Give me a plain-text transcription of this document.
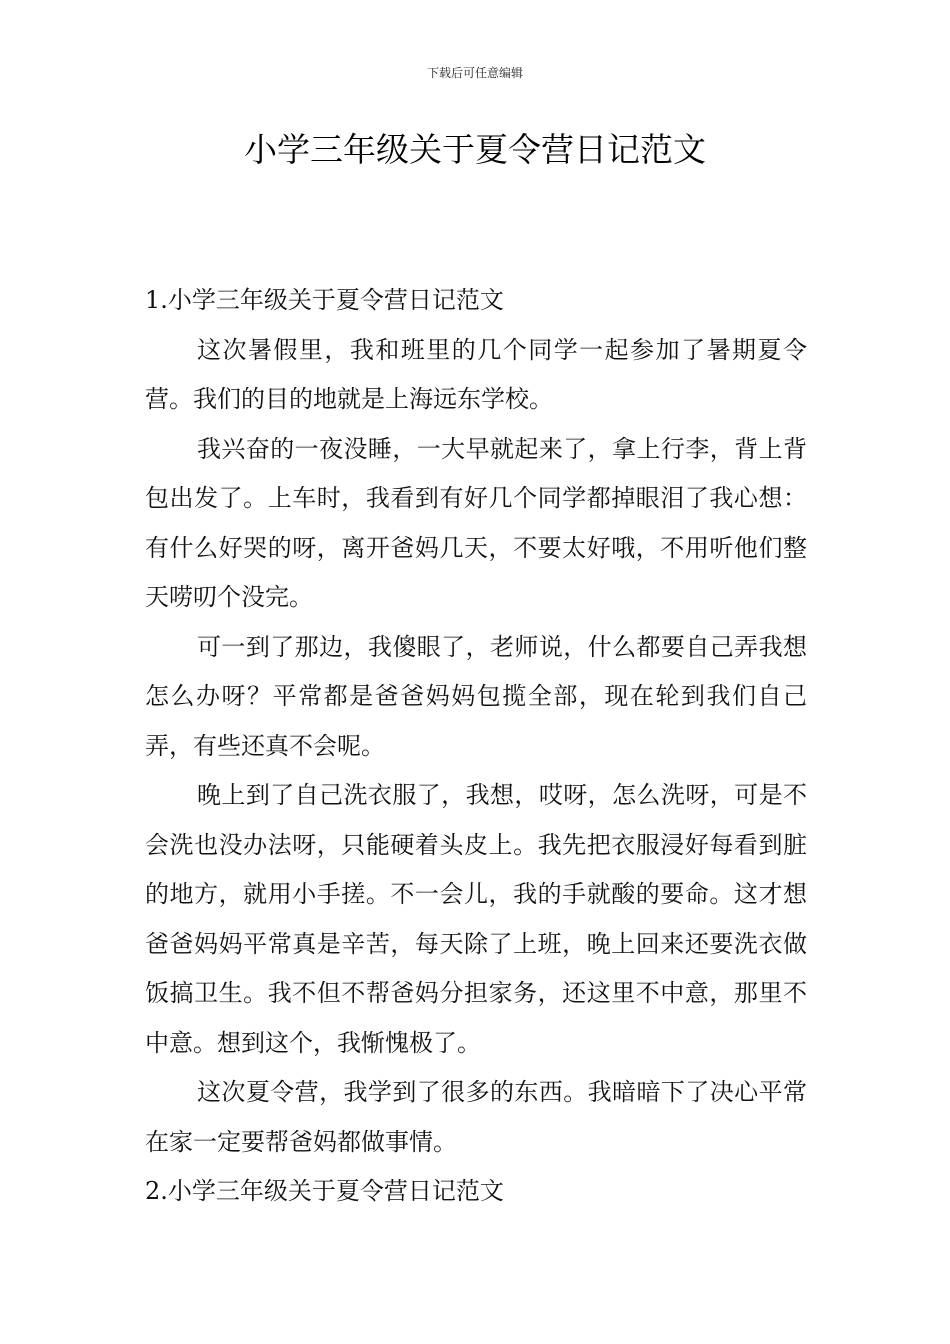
下载后可任意编辑
小学三年级关于夏令营日记范文

1.小学三年级关于夏令营日记范文

这次暑假里，我和班里的几个同学一起参加了暑期夏令营。我们的目的地就是上海远东学校。

我兴奋的一夜没睡，一大早就起来了，拿上行李，背上背包出发了。上车时，我看到有好几个同学都掉眼泪了我心想：有什么好哭的呀，离开爸妈几天，不要太好哦，不用听他们整天唠叨个没完。

可一到了那边，我傻眼了，老师说，什么都要自己弄我想怎么办呀？平常都是爸爸妈妈包揽全部，现在轮到我们自己弄，有些还真不会呢。

晚上到了自己洗衣服了，我想，哎呀，怎么洗呀，可是不会洗也没办法呀，只能硬着头皮上。我先把衣服浸好每看到脏的地方，就用小手搓。不一会儿，我的手就酸的要命。这才想爸爸妈妈平常真是辛苦，每天除了上班，晚上回来还要洗衣做饭搞卫生。我不但不帮爸妈分担家务，还这里不中意，那里不中意。想到这个，我惭愧极了。

这次夏令营，我学到了很多的东西。我暗暗下了决心平常在家一定要帮爸妈都做事情。

2.小学三年级关于夏令营日记范文
